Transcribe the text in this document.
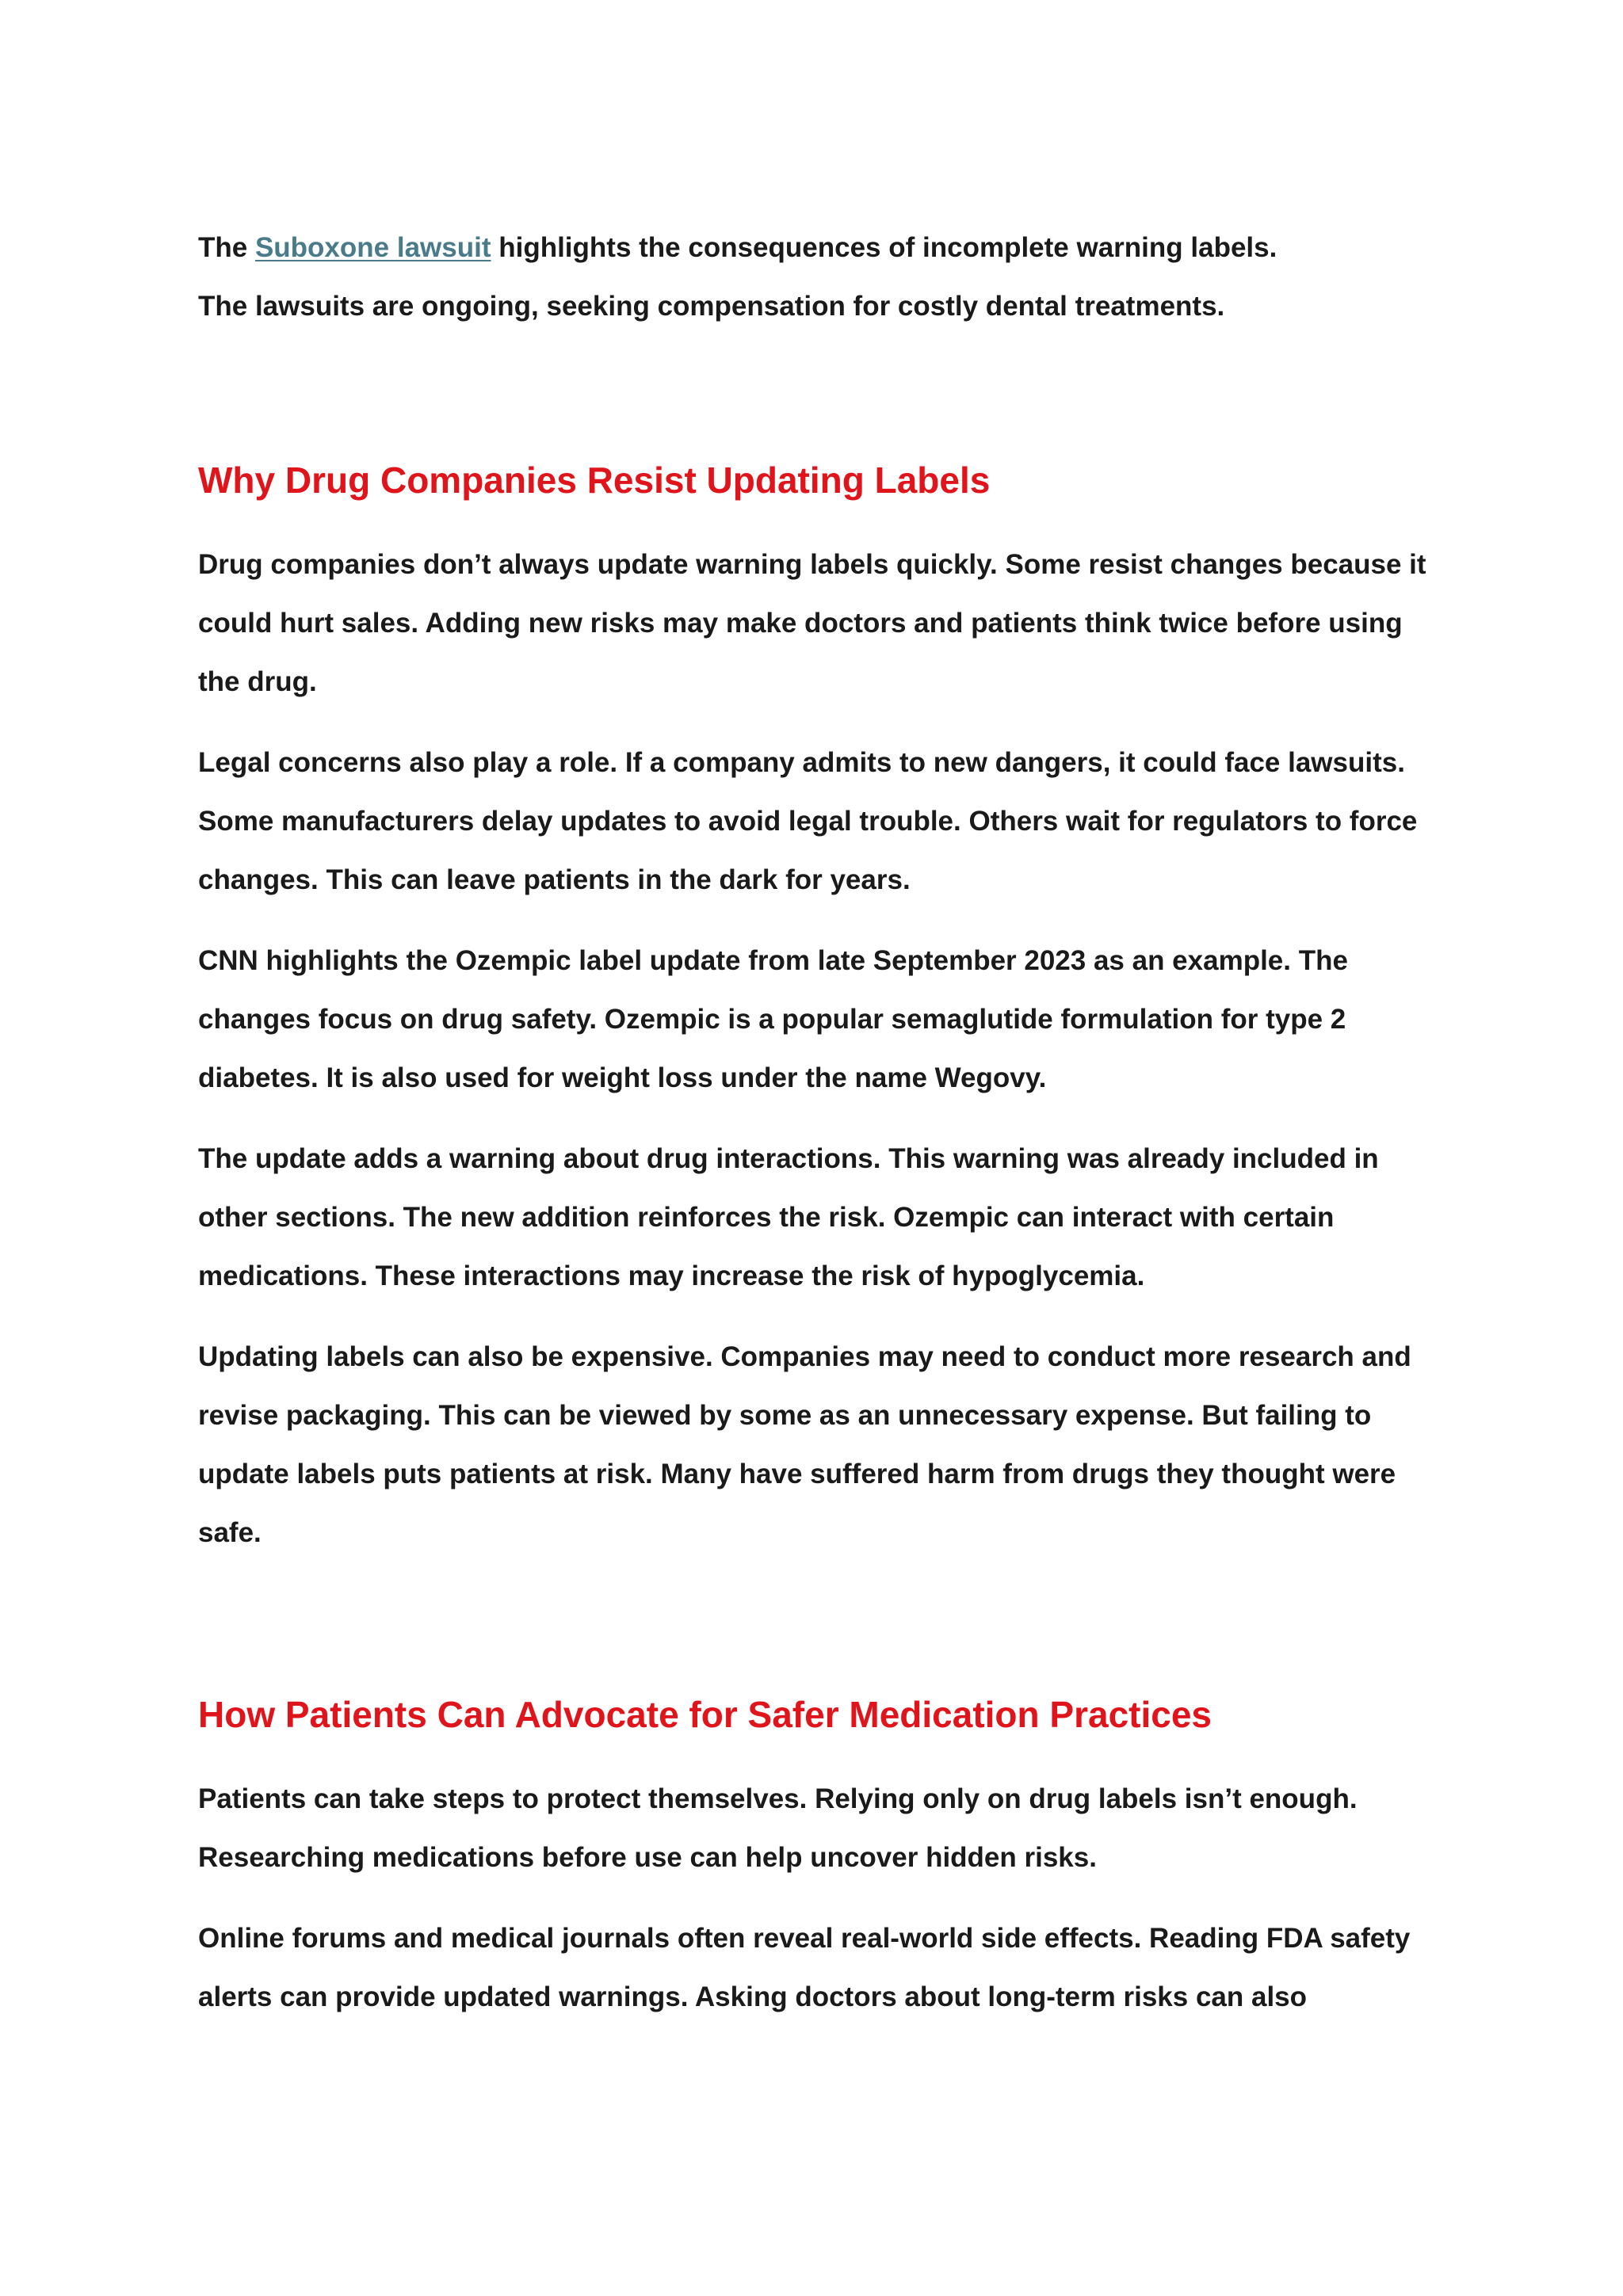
The Suboxone lawsuit highlights the consequences of incomplete warning labels.
The lawsuits are ongoing, seeking compensation for costly dental treatments.

Why Drug Companies Resist Updating Labels

Drug companies don’t always update warning labels quickly. Some resist changes because it could hurt sales. Adding new risks may make doctors and patients think twice before using the drug.

Legal concerns also play a role. If a company admits to new dangers, it could face lawsuits. Some manufacturers delay updates to avoid legal trouble. Others wait for regulators to force changes. This can leave patients in the dark for years.

CNN highlights the Ozempic label update from late September 2023 as an example. The changes focus on drug safety. Ozempic is a popular semaglutide formulation for type 2 diabetes. It is also used for weight loss under the name Wegovy.

The update adds a warning about drug interactions. This warning was already included in other sections. The new addition reinforces the risk. Ozempic can interact with certain medications. These interactions may increase the risk of hypoglycemia.

Updating labels can also be expensive. Companies may need to conduct more research and revise packaging. This can be viewed by some as an unnecessary expense. But failing to update labels puts patients at risk. Many have suffered harm from drugs they thought were safe.

How Patients Can Advocate for Safer Medication Practices

Patients can take steps to protect themselves. Relying only on drug labels isn’t enough. Researching medications before use can help uncover hidden risks.

Online forums and medical journals often reveal real-world side effects. Reading FDA safety alerts can provide updated warnings. Asking doctors about long-term risks can also
